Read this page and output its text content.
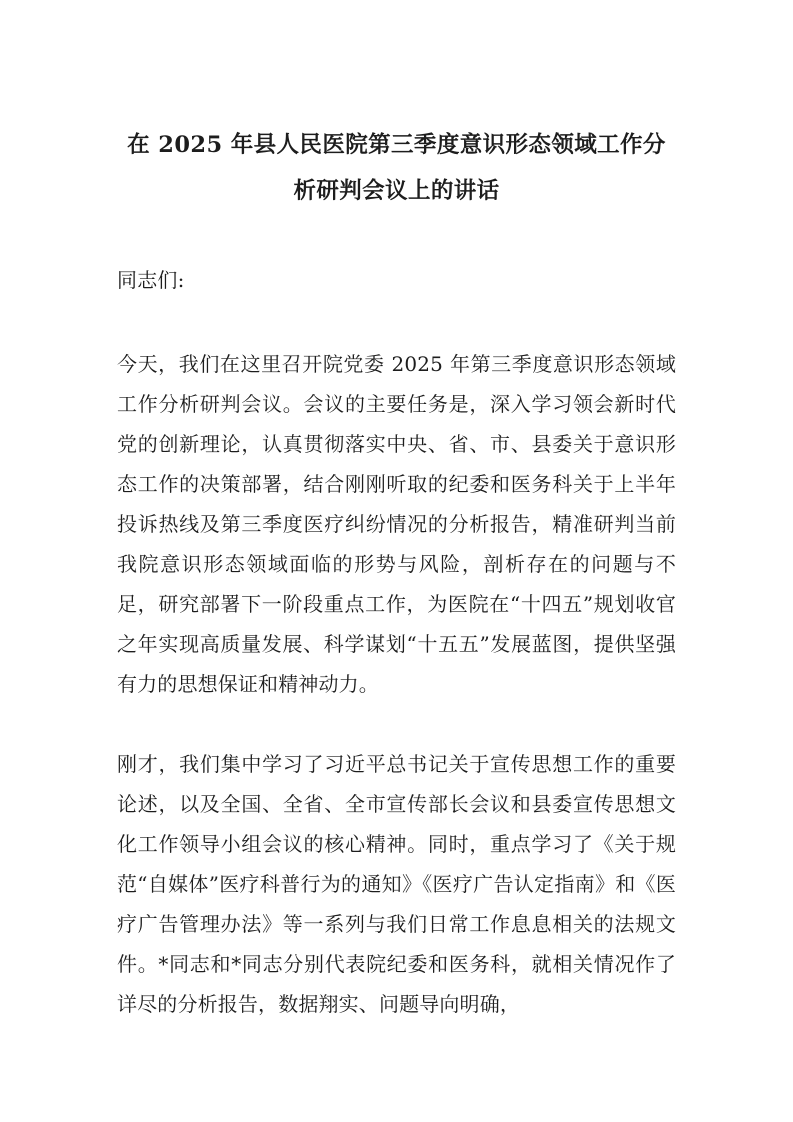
在 2025 年县人民医院第三季度意识形态领域工作分
析研判会议上的讲话

同志们:

今天，我们在这里召开院党委 2025 年第三季度意识形态领域工作分析研判会议。会议的主要任务是，深入学习领会新时代党的创新理论，认真贯彻落实中央、省、市、县委关于意识形态工作的决策部署，结合刚刚听取的纪委和医务科关于上半年投诉热线及第三季度医疗纠纷情况的分析报告，精准研判当前我院意识形态领域面临的形势与风险，剖析存在的问题与不足，研究部署下一阶段重点工作，为医院在“十四五”规划收官之年实现高质量发展、科学谋划“十五五”发展蓝图，提供坚强有力的思想保证和精神动力。

刚才，我们集中学习了习近平总书记关于宣传思想工作的重要论述，以及全国、全省、全市宣传部长会议和县委宣传思想文化工作领导小组会议的核心精神。同时，重点学习了《关于规范“自媒体”医疗科普行为的通知》《医疗广告认定指南》和《医疗广告管理办法》等一系列与我们日常工作息息相关的法规文件。*同志和*同志分别代表院纪委和医务科，就相关情况作了详尽的分析报告，数据翔实、问题导向明确，
